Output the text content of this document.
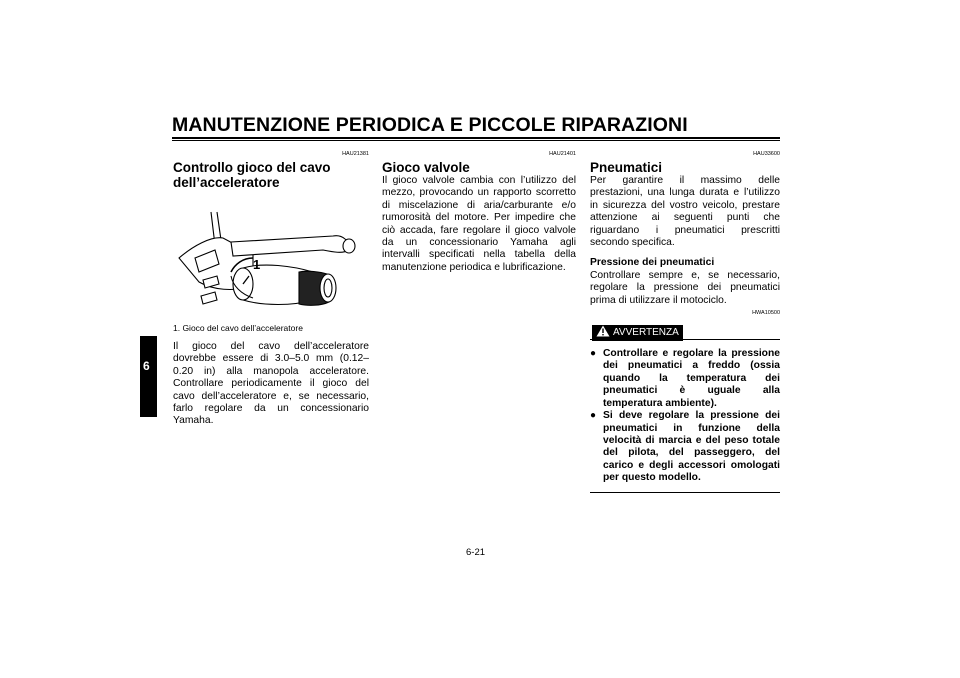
MANUTENZIONE PERIODICA E PICCOLE RIPARAZIONI
6
HAU21381
Controllo gioco del cavo dell’acceleratore

1. Gioco del cavo dell’acceleratore

Il gioco del cavo dell’acceleratore dovrebbe essere di 3.0–5.0 mm (0.12–0.20 in) alla manopola acceleratore. Controllare periodicamente il gioco del cavo dell’acceleratore e, se necessario, farlo regolare da un concessionario Yamaha.

HAU21401
Gioco valvole

Il gioco valvole cambia con l’utilizzo del mezzo, provocando un rapporto scorretto di miscelazione di aria/carburante e/o rumorosità del motore. Per impedire che ciò accada, fare regolare il gioco valvole da un concessionario Yamaha agli intervalli specificati nella tabella della manutenzione periodica e lubrificazione.

HAU33600
Pneumatici

Per garantire il massimo delle prestazioni, una lunga durata e l’utilizzo in sicurezza del vostro veicolo, prestare attenzione ai seguenti punti che riguardano i pneumatici prescritti secondo specifica.

Pressione dei pneumatici

Controllare sempre e, se necessario, regolare la pressione dei pneumatici prima di utilizzare il motociclo.

HWA10500
AVVERTENZA
● Controllare e regolare la pressione dei pneumatici a freddo (ossia quando la temperatura dei pneumatici è uguale alla temperatura ambiente).
● Si deve regolare la pressione dei pneumatici in funzione della velocità di marcia e del peso totale del pilota, del passeggero, del carico e degli accessori omologati per questo modello.
6-21
1
